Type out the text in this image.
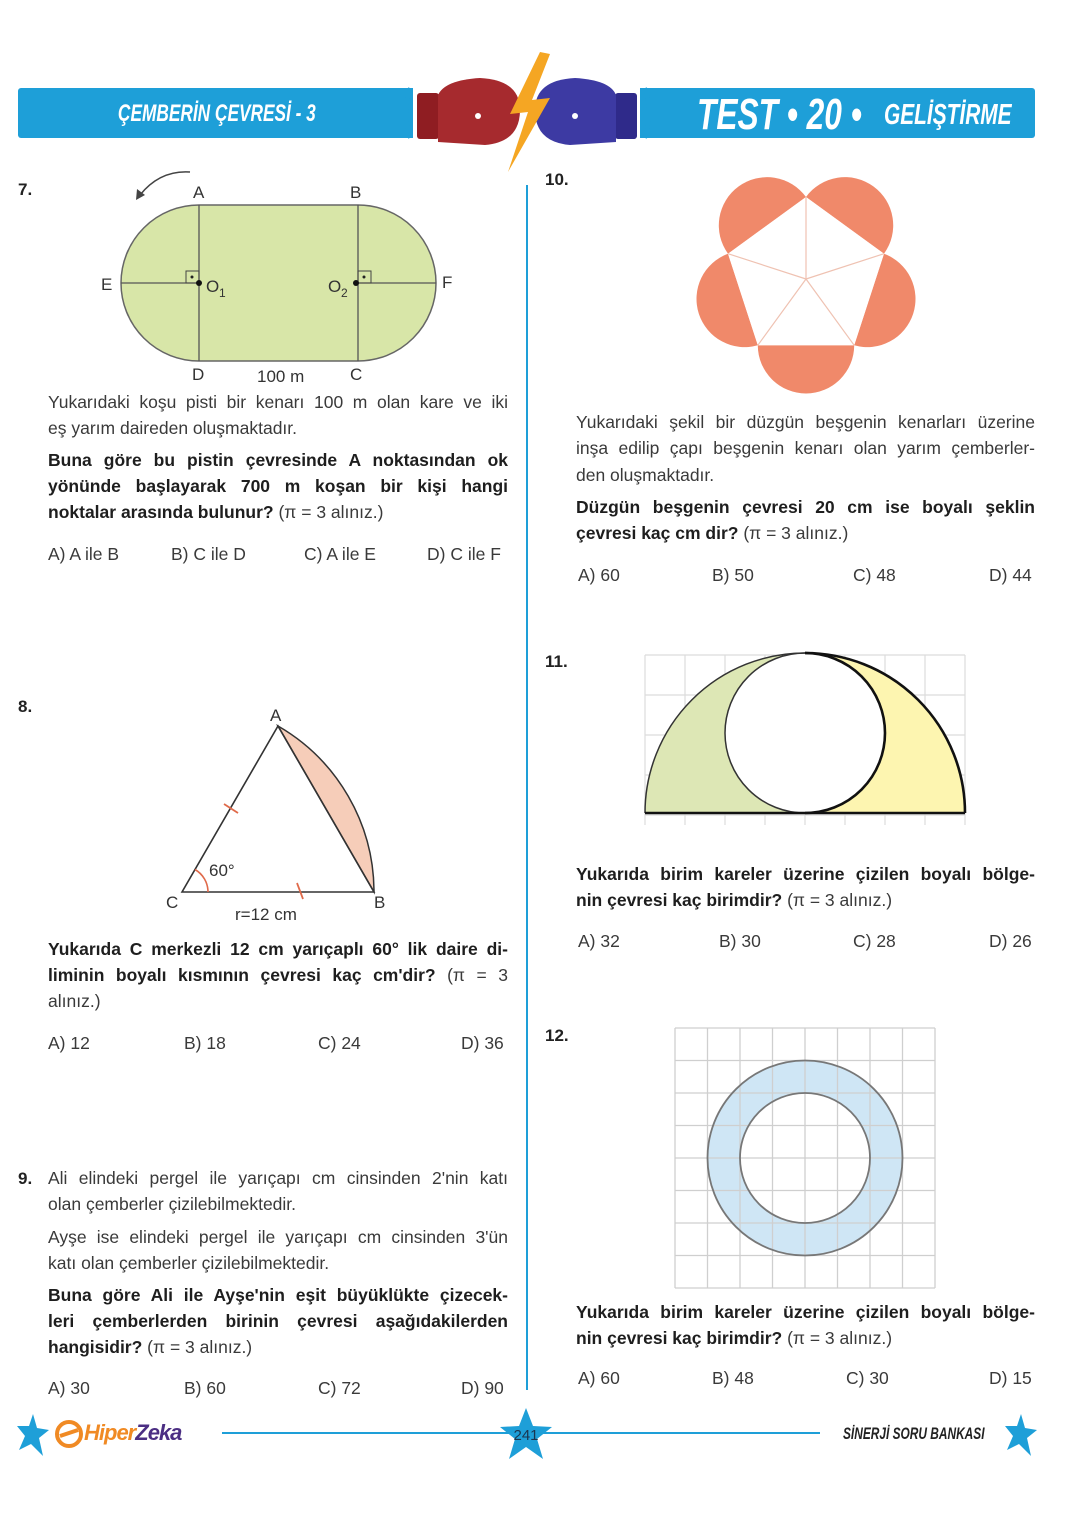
ÇEMBERİN ÇEVRESİ - 3	TEST • 20 • GELİŞTİRME
7.	A	B
E	F
D	C
O 1	O 2
100 m
Yukarıdaki koşu pisti bir kenarı 100 m olan kare ve iki
eş yarım daireden oluşmaktadır.
Buna göre bu pistin çevresinde A noktasından ok
yönünde başlayarak 700 m koşan bir kişi hangi
noktalar arasında bulunur? (π = 3 alınız.)
A) A ile B	B) C ile D	C) A ile E	D) C ile F
8.	A
B
C
60°
r=12 cm
Yukarıda C merkezli 12 cm yarıçaplı 60° lik daire di-
liminin boyalı kısmının çevresi kaç cm'dir? (π = 3
alınız.)
A) 12	B) 18	C) 24	D) 36
9. Ali elindeki pergel ile yarıçapı cm cinsinden 2'nin katı
olan çemberler çizilebilmektedir.
Ayşe ise elindeki pergel ile yarıçapı cm cinsinden 3'ün
katı olan çemberler çizilebilmektedir.
Buna göre Ali ile Ayşe'nin eşit büyüklükte çizecek-
leri çemberlerden birinin çevresi aşağıdakilerden
hangisidir? (π = 3 alınız.)
A) 30	B) 60	C) 72	D) 90
10.
Yukarıdaki şekil bir düzgün beşgenin kenarları üzerine
inşa edilip çapı beşgenin kenarı olan yarım çemberler-
den oluşmaktadır.
Düzgün beşgenin çevresi 20 cm ise boyalı şeklin
çevresi kaç cm dir? (π = 3 alınız.)
A) 60	B) 50	C) 48	D) 44
11.
Yukarıda birim kareler üzerine çizilen boyalı bölge-
nin çevresi kaç birimdir? (π = 3 alınız.)
A) 32	B) 30	C) 28	D) 26
12.
Yukarıda birim kareler üzerine çizilen boyalı bölge-
nin çevresi kaç birimdir? (π = 3 alınız.)
A) 60	B) 48	C) 30	D) 15
HiperZeka	241	SİNERJİ SORU BANKASI
